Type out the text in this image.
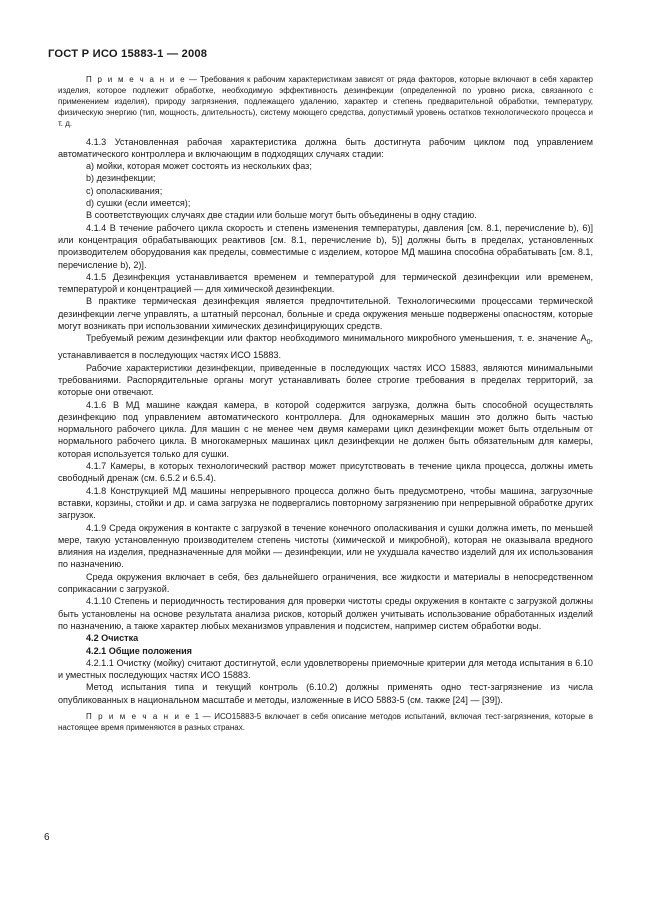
ГОСТ Р ИСО 15883-1 — 2008

П р и м е ч а н и е — Требования к рабочим характеристикам зависят от ряда факторов, которые включают в себя характер изделия, которое подлежит обработке, необходимую эффективность дезинфекции (определенной по уровню риска, связанного с применением изделия), природу загрязнения, подлежащего удалению, характер и степень предварительной обработки, температуру, физическую энергию (тип, мощность, длительность), систему моющего средства, допустимый уровень остатков технологического процесса и т. д.

4.1.3 Установленная рабочая характеристика должна быть достигнута рабочим циклом под управлением автоматического контроллера и включающим в подходящих случаях стадии:

а) мойки, которая может состоять из нескольких фаз;

b) дезинфекции;

с) ополаскивания;

d) сушки (если имеется);

В соответствующих случаях две стадии или больше могут быть объединены в одну стадию.

4.1.4 В течение рабочего цикла скорость и степень изменения температуры, давления [см. 8.1, перечисление b), 6)] или концентрация обрабатывающих реактивов [см. 8.1, перечисление b), 5)] должны быть в пределах, установленных производителем оборудования как пределы, совместимые с изделием, которое МД машина способна обрабатывать [см. 8.1, перечисление b), 2)].

4.1.5 Дезинфекция устанавливается временем и температурой для термической дезинфекции или временем, температурой и концентрацией — для химической дезинфекции.

В практике термическая дезинфекция является предпочтительной. Технологическими процессами термической дезинфекции легче управлять, а штатный персонал, больные и среда окружения меньше подвержены опасностям, которые могут возникать при использовании химических дезинфицирующих средств.

Требуемый режим дезинфекции или фактор необходимого минимального микробного уменьшения, т. е. значение $A_0$, устанавливается в последующих частях ИСО 15883.

Рабочие характеристики дезинфекции, приведенные в последующих частях ИСО 15883, являются минимальными требованиями. Распорядительные органы могут устанавливать более строгие требования в пределах территорий, за которые они отвечают.

4.1.6 В МД машине каждая камера, в которой содержится загрузка, должна быть способной осуществлять дезинфекцию под управлением автоматического контроллера. Для однокамерных машин это должно быть частью нормального рабочего цикла. Для машин с не менее чем двумя камерами цикл дезинфекции может быть отдельным от нормального рабочего цикла. В многокамерных машинах цикл дезинфекции не должен быть обязательным для камеры, которая используется только для сушки.

4.1.7 Камеры, в которых технологический раствор может присутствовать в течение цикла процесса, должны иметь свободный дренаж (см. 6.5.2 и 6.5.4).

4.1.8 Конструкцией МД машины непрерывного процесса должно быть предусмотрено, чтобы машина, загрузочные вставки, корзины, стойки и др. и сама загрузка не подвергались повторному загрязнению при непрерывной обработке других загрузок.

4.1.9 Среда окружения в контакте с загрузкой в течение конечного ополаскивания и сушки должна иметь, по меньшей мере, такую установленную производителем степень чистоты (химической и микробной), которая не оказывала вредного влияния на изделия, предназначенные для мойки — дезинфекции, или не ухудшала качество изделий для их использования по назначению.

Среда окружения включает в себя, без дальнейшего ограничения, все жидкости и материалы в непосредственном соприкасании с загрузкой.

4.1.10 Степень и периодичность тестирования для проверки чистоты среды окружения в контакте с загрузкой должны быть установлены на основе результата анализа рисков, который должен учитывать использование обработанных изделий по назначению, а также характер любых механизмов управления и подсистем, например систем обработки воды.

4.2 Очистка

4.2.1 Общие положения

4.2.1.1 Очистку (мойку) считают достигнутой, если удовлетворены приемочные критерии для метода испытания в 6.10 и уместных последующих частях ИСО 15883.

Метод испытания типа и текущий контроль (6.10.2) должны применять одно тест-загрязнение из числа опубликованных в национальном масштабе и методы, изложенные в ИСО 5883-5 (см. также [24] — [39]).

П р и м е ч а н и е 1 — ИСО15883-5 включает в себя описание методов испытаний, включая тест-загрязнения, которые в настоящее время применяются в разных странах.

6
